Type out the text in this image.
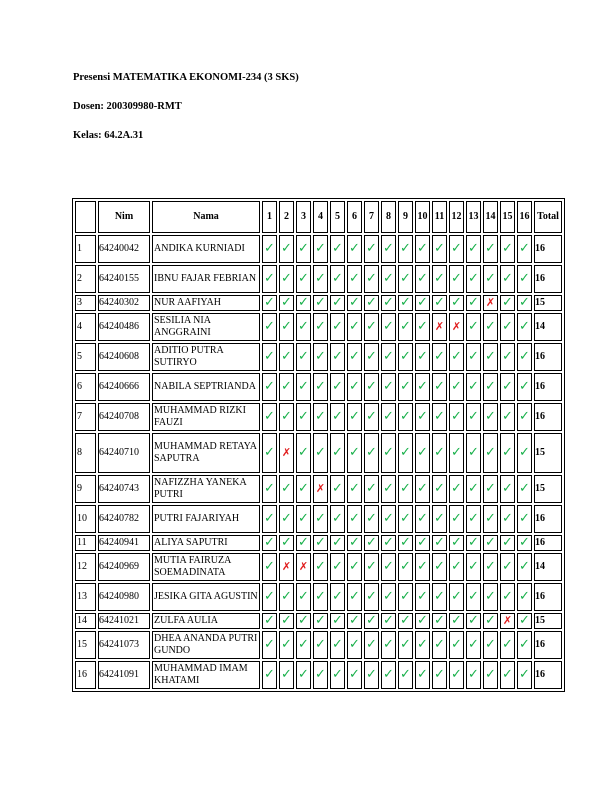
Presensi MATEMATIKA EKONOMI-234 (3 SKS)
Dosen: 200309980-RMT
Kelas: 64.2A.31
	Nim	Nama	1	2	3	4	5	6	7	8	9	10	11	12	13	14	15	16	Total
1	64240042	ANDIKA KURNIADI	✓	✓	✓	✓	✓	✓	✓	✓	✓	✓	✓	✓	✓	✓	✓	✓	16
2	64240155	IBNU FAJAR FEBRIAN	✓	✓	✓	✓	✓	✓	✓	✓	✓	✓	✓	✓	✓	✓	✓	✓	16
3	64240302	NUR AAFIYAH	✓	✓	✓	✓	✓	✓	✓	✓	✓	✓	✓	✓	✓	✗	✓	✓	15
4	64240486	SESILIA NIA ANGGRAINI	✓	✓	✓	✓	✓	✓	✓	✓	✓	✓	✗	✗	✓	✓	✓	✓	14
5	64240608	ADITIO PUTRA SUTIRYO	✓	✓	✓	✓	✓	✓	✓	✓	✓	✓	✓	✓	✓	✓	✓	✓	16
6	64240666	NABILA SEPTRIANDA	✓	✓	✓	✓	✓	✓	✓	✓	✓	✓	✓	✓	✓	✓	✓	✓	16
7	64240708	MUHAMMAD RIZKI FAUZI	✓	✓	✓	✓	✓	✓	✓	✓	✓	✓	✓	✓	✓	✓	✓	✓	16
8	64240710	MUHAMMAD RETAYA SAPUTRA	✓	✗	✓	✓	✓	✓	✓	✓	✓	✓	✓	✓	✓	✓	✓	✓	15
9	64240743	NAFIZZHA YANEKA PUTRI	✓	✓	✓	✗	✓	✓	✓	✓	✓	✓	✓	✓	✓	✓	✓	✓	15
10	64240782	PUTRI FAJARIYAH	✓	✓	✓	✓	✓	✓	✓	✓	✓	✓	✓	✓	✓	✓	✓	✓	16
11	64240941	ALIYA SAPUTRI	✓	✓	✓	✓	✓	✓	✓	✓	✓	✓	✓	✓	✓	✓	✓	✓	16
12	64240969	MUTIA FAIRUZA SOEMADINATA	✓	✗	✗	✓	✓	✓	✓	✓	✓	✓	✓	✓	✓	✓	✓	✓	14
13	64240980	JESIKA GITA AGUSTIN	✓	✓	✓	✓	✓	✓	✓	✓	✓	✓	✓	✓	✓	✓	✓	✓	16
14	64241021	ZULFA AULIA	✓	✓	✓	✓	✓	✓	✓	✓	✓	✓	✓	✓	✓	✓	✗	✓	15
15	64241073	DHEA ANANDA PUTRI GUNDO	✓	✓	✓	✓	✓	✓	✓	✓	✓	✓	✓	✓	✓	✓	✓	✓	16
16	64241091	MUHAMMAD IMAM KHATAMI	✓	✓	✓	✓	✓	✓	✓	✓	✓	✓	✓	✓	✓	✓	✓	✓	16
